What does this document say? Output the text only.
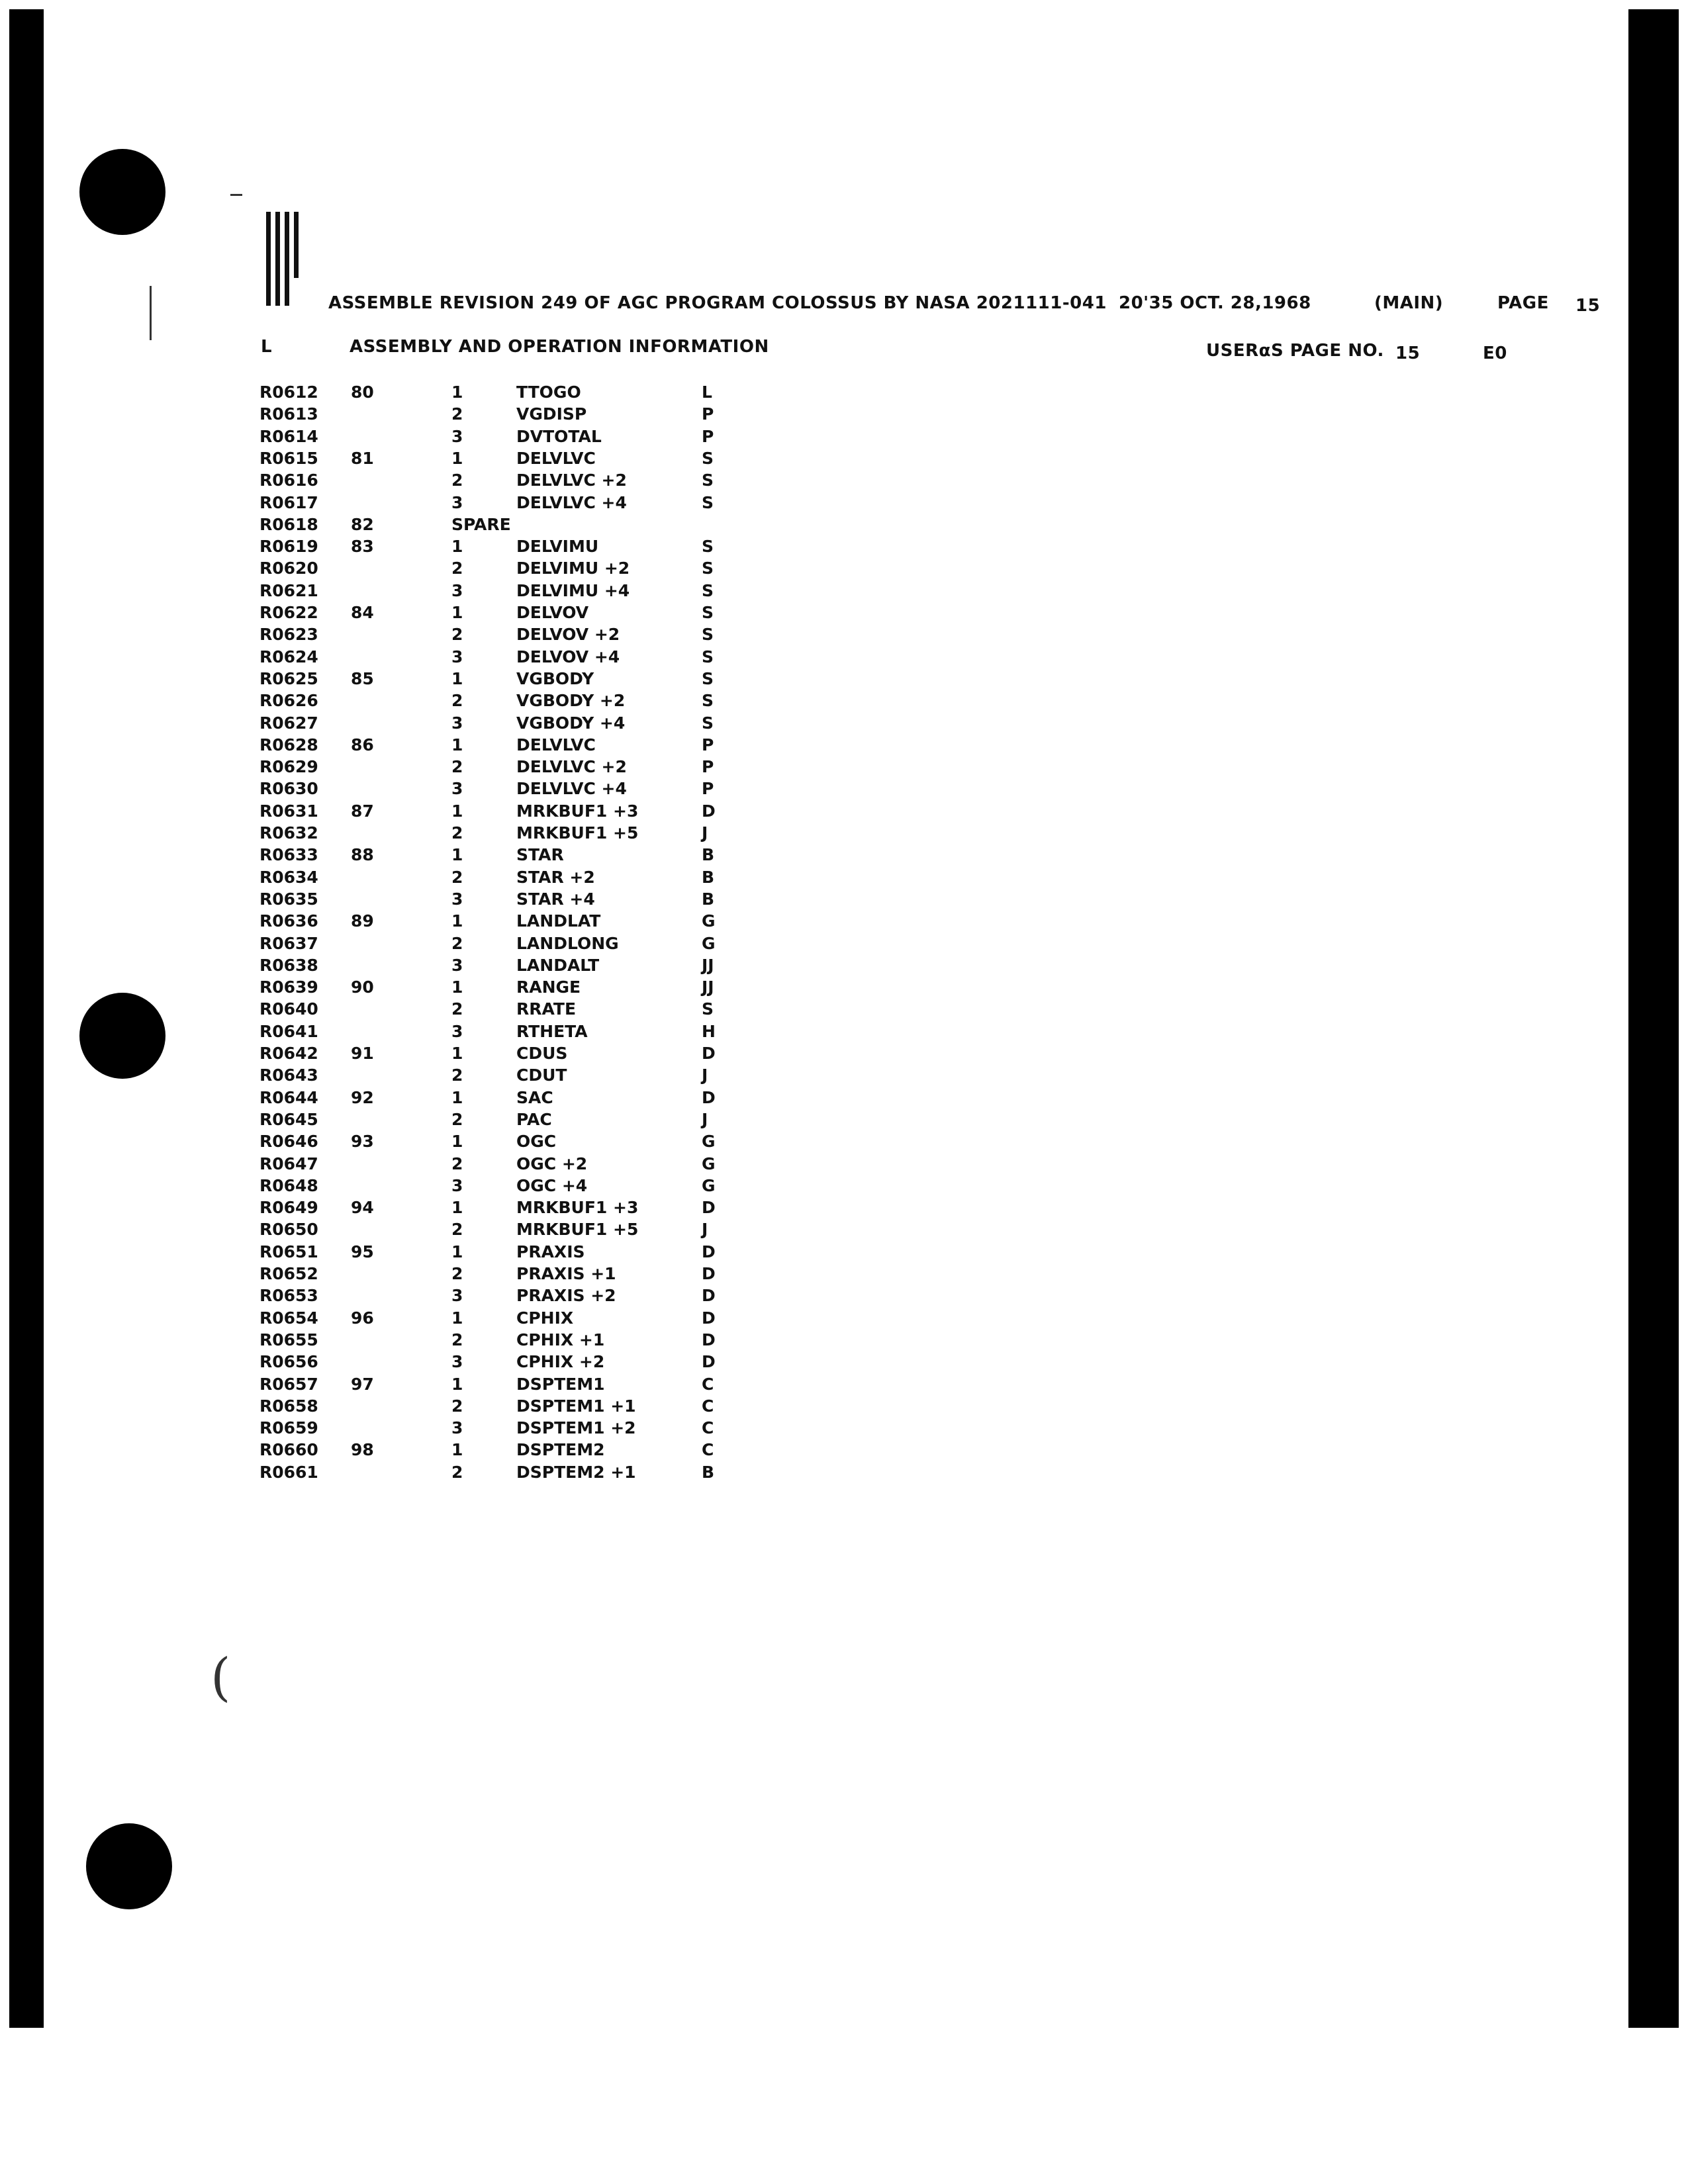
(
ASSEMBLE REVISION 249 OF AGC PROGRAM COLOSSUS BY NASA 2021111-041 20'35 OCT. 28,1968	(MAIN)	PAGE 15
L	ASSEMBLY AND OPERATION INFORMATION	USERαS PAGE NO. 15	E0
R0612 80	1	TTOGO	L
R0613	2	VGDISP	P
R0614	3	DVTOTAL	P
R0615 81	1	DELVLVC	S
R0616	2	DELVLVC +2	S
R0617	3	DELVLVC +4	S
R0618 82	SPARE
R0619 83	1	DELVIMU	S
R0620	2	DELVIMU +2	S
R0621	3	DELVIMU +4	S
R0622 84	1	DELVOV	S
R0623	2	DELVOV +2	S
R0624	3	DELVOV +4	S
R0625 85	1	VGBODY	S
R0626	2	VGBODY +2	S
R0627	3	VGBODY +4	S
R0628 86	1	DELVLVC	P
R0629	2	DELVLVC +2	P
R0630	3	DELVLVC +4	P
R0631 87	1	MRKBUF1 +3	D
R0632	2	MRKBUF1 +5	J
R0633 88	1	STAR	B
R0634	2	STAR +2	B
R0635	3	STAR +4	B
R0636 89	1	LANDLAT	G
R0637	2	LANDLONG	G
R0638	3	LANDALT	JJ
R0639 90	1	RANGE	JJ
R0640	2	RRATE	S
R0641	3	RTHETA	H
R0642 91	1	CDUS	D
R0643	2	CDUT	J
R0644 92	1	SAC	D
R0645	2	PAC	J
R0646 93	1	OGC	G
R0647	2	OGC +2	G
R0648	3	OGC +4	G
R0649 94	1	MRKBUF1 +3	D
R0650	2	MRKBUF1 +5	J
R0651 95	1	PRAXIS	D
R0652	2	PRAXIS +1	D
R0653	3	PRAXIS +2	D
R0654 96	1	CPHIX	D
R0655	2	CPHIX +1	D
R0656	3	CPHIX +2	D
R0657 97	1	DSPTEM1	C
R0658	2	DSPTEM1 +1	C
R0659	3	DSPTEM1 +2	C
R0660 98	1	DSPTEM2	C
R0661	2	DSPTEM2 +1	B
